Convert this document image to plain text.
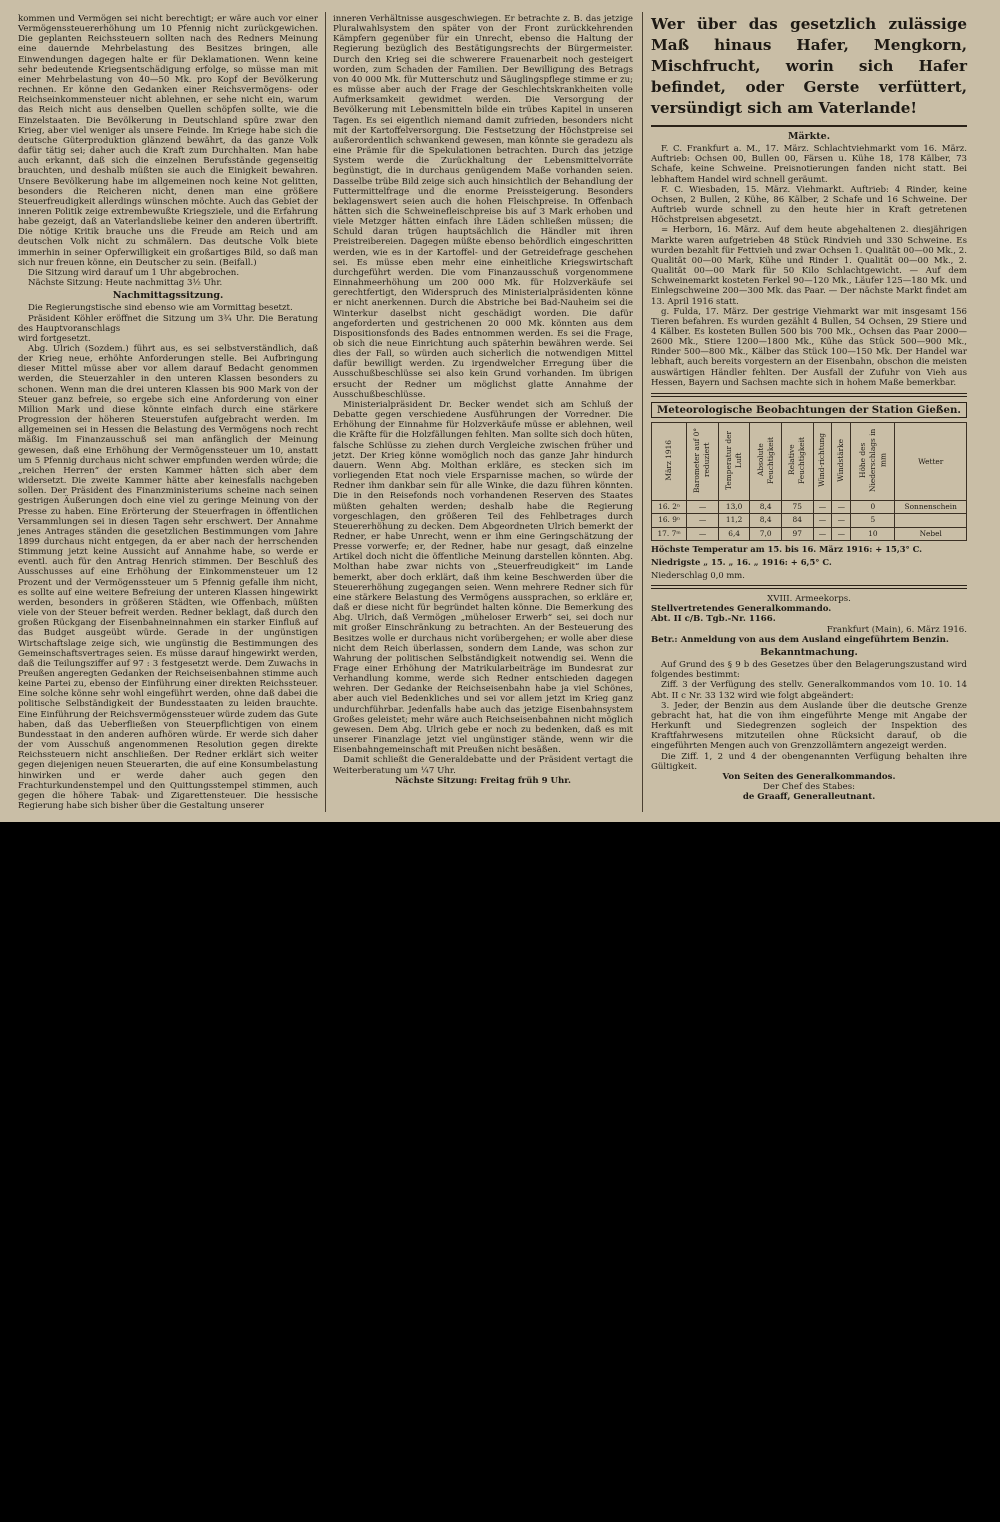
kommen und Vermögen sei nicht berechtigt; er wäre auch vor einer Vermögenssteuererhöhung um 10 Pfennig nicht zurückgewichen. Die geplanten Reichssteuern sollten nach des Redners Meinung eine dauernde Mehrbelastung des Besitzes bringen, alle Einwendungen dagegen halte er für Deklamationen. Wenn keine sehr bedeutende Kriegsentschädigung erfolge, so müsse man mit einer Mehrbelastung von 40—50 Mk. pro Kopf der Bevölkerung rechnen. Er könne den Gedanken einer Reichsvermögens- oder Reichseinkommensteuer nicht ablehnen, er sehe nicht ein, warum das Reich nicht aus denselben Quellen schöpfen sollte, wie die Einzelstaaten. Die Bevölkerung in Deutschland spüre zwar den Krieg, aber viel weniger als unsere Feinde. Im Kriege habe sich die deutsche Güterproduktion glänzend bewährt, da das ganze Volk dafür tätig sei; daher auch die Kraft zum Durchhalten. Man habe auch erkannt, daß sich die einzelnen Berufsstände gegenseitig brauchten, und deshalb müßten sie auch die Einigkeit bewahren. Unsere Bevölkerung habe im allgemeinen noch keine Not gelitten, besonders die Reicheren nicht, denen man eine größere Steuerfreudigkeit allerdings wünschen möchte. Auch das Gebiet der inneren Politik zeige extrembewußte Kriegsziele, und die Erfahrung habe gezeigt, daß an Vaterlandsliebe keiner den anderen übertrifft. Die nötige Kritik brauche uns die Freude am Reich und am deutschen Volk nicht zu schmälern. Das deutsche Volk biete immerhin in seiner Opferwilligkeit ein großartiges Bild, so daß man sich nur freuen könne, ein Deutscher zu sein. (Beifall.)

Die Sitzung wird darauf um 1 Uhr abgebrochen.

Nächste Sitzung: Heute nachmittag 3½ Uhr.

Nachmittagssitzung.

Die Regierungstische sind ebenso wie am Vormittag besetzt.

Präsident Köhler eröffnet die Sitzung um 3¾ Uhr. Die Beratung des Hauptvoranschlags

wird fortgesetzt.

Abg. Ulrich (Sozdem.) führt aus, es sei selbstverständlich, daß der Krieg neue, erhöhte Anforderungen stelle. Bei Aufbringung dieser Mittel müsse aber vor allem darauf Bedacht genommen werden, die Steuerzahler in den unteren Klassen besonders zu schonen. Wenn man die drei unteren Klassen bis 900 Mark von der Steuer ganz befreie, so ergebe sich eine Anforderung von einer Million Mark und diese könnte einfach durch eine stärkere Progression der höheren Steuerstufen aufgebracht werden. Im allgemeinen sei in Hessen die Belastung des Vermögens noch recht mäßig. Im Finanzausschuß sei man anfänglich der Meinung gewesen, daß eine Erhöhung der Vermögenssteuer um 10, anstatt um 5 Pfennig durchaus nicht schwer empfunden werden würde; die „reichen Herren“ der ersten Kammer hätten sich aber dem widersetzt. Die zweite Kammer hätte aber keinesfalls nachgeben sollen. Der Präsident des Finanzministeriums scheine nach seinen gestrigen Äußerungen doch eine viel zu geringe Meinung von der Presse zu haben. Eine Erörterung der Steuerfragen in öffentlichen Versammlungen sei in diesen Tagen sehr erschwert. Der Annahme jenes Antrages ständen die gesetzlichen Bestimmungen vom Jahre 1899 durchaus nicht entgegen, da er aber nach der herrschenden Stimmung jetzt keine Aussicht auf Annahme habe, so werde er eventl. auch für den Antrag Henrich stimmen. Der Beschluß des Ausschusses auf eine Erhöhung der Einkommensteuer um 12 Prozent und der Vermögenssteuer um 5 Pfennig gefalle ihm nicht, es sollte auf eine weitere Befreiung der unteren Klassen hingewirkt werden, besonders in größeren Städten, wie Offenbach, müßten viele von der Steuer befreit werden. Redner beklagt, daß durch den großen Rückgang der Eisenbahneinnahmen ein starker Einfluß auf das Budget ausgeübt würde. Gerade in der ungünstigen Wirtschaftslage zeige sich, wie ungünstig die Bestimmungen des Gemeinschaftsvertrages seien. Es müsse darauf hingewirkt werden, daß die Teilungsziffer auf 97 : 3 festgesetzt werde. Dem Zuwachs in Preußen angeregten Gedanken der Reichseisenbahnen stimme auch keine Partei zu, ebenso der Einführung einer direkten Reichssteuer. Eine solche könne sehr wohl eingeführt werden, ohne daß dabei die politische Selbständigkeit der Bundesstaaten zu leiden brauchte. Eine Einführung der Reichsvermögenssteuer würde zudem das Gute haben, daß das Ueberfließen von Steuerpflichtigen von einem Bundesstaat in den anderen aufhören würde. Er werde sich daher der vom Ausschuß angenommenen Resolution gegen direkte Reichssteuern nicht anschließen. Der Redner erklärt sich weiter gegen diejenigen neuen Steuerarten, die auf eine Konsumbelastung hinwirken und er werde daher auch gegen den Frachturkundenstempel und den Quittungsstempel stimmen, auch gegen die höhere Tabak- und Zigarettensteuer. Die hessische Regierung habe sich bisher über die Gestaltung unserer

inneren Verhältnisse ausgeschwiegen. Er betrachte z. B. das jetzige Pluralwahlsystem den später von der Front zurückkehrenden Kämpfern gegenüber für ein Unrecht, ebenso die Haltung der Regierung bezüglich des Bestätigungsrechts der Bürgermeister. Durch den Krieg sei die schwerere Frauenarbeit noch gesteigert worden, zum Schaden der Familien. Der Bewilligung des Betrags von 40 000 Mk. für Mutterschutz und Säuglingspflege stimme er zu; es müsse aber auch der Frage der Geschlechtskrankheiten volle Aufmerksamkeit gewidmet werden. Die Versorgung der Bevölkerung mit Lebensmitteln bilde ein trübes Kapitel in unseren Tagen. Es sei eigentlich niemand damit zufrieden, besonders nicht mit der Kartoffelversorgung. Die Festsetzung der Höchstpreise sei außerordentlich schwankend gewesen, man könnte sie geradezu als eine Prämie für die Spekulationen betrachten. Durch das jetzige System werde die Zurückhaltung der Lebensmittelvorräte begünstigt, die in durchaus genügendem Maße vorhanden seien. Dasselbe trübe Bild zeige sich auch hinsichtlich der Behandlung der Futtermittelfrage und die enorme Preissteigerung. Besonders beklagenswert seien auch die hohen Fleischpreise. In Offenbach hätten sich die Schweinefleischpreise bis auf 3 Mark erhoben und viele Metzger hätten einfach ihre Läden schließen müssen; die Schuld daran trügen hauptsächlich die Händler mit ihren Preistreibereien. Dagegen müßte ebenso behördlich eingeschritten werden, wie es in der Kartoffel- und der Getreidefrage geschehen sei. Es müsse eben mehr eine einheitliche Kriegswirtschaft durchgeführt werden. Die vom Finanzausschuß vorgenommene Einnahmeerhöhung um 200 000 Mk. für Holzverkäufe sei gerechtfertigt, den Widerspruch des Ministerialpräsidenten könne er nicht anerkennen. Durch die Abstriche bei Bad-Nauheim sei die Winterkur daselbst nicht geschädigt worden. Die dafür angeforderten und gestrichenen 20 000 Mk. könnten aus dem Dispositionsfonds des Bades entnommen werden. Es sei die Frage, ob sich die neue Einrichtung auch späterhin bewähren werde. Sei dies der Fall, so würden auch sicherlich die notwendigen Mittel dafür bewilligt werden. Zu irgendwelcher Erregung über die Ausschußbeschlüsse sei also kein Grund vorhanden. Im übrigen ersucht der Redner um möglichst glatte Annahme der Ausschußbeschlüsse.

Ministerialpräsident Dr. Becker wendet sich am Schluß der Debatte gegen verschiedene Ausführungen der Vorredner. Die Erhöhung der Einnahme für Holzverkäufe müsse er ablehnen, weil die Kräfte für die Holzfällungen fehlten. Man sollte sich doch hüten, falsche Schlüsse zu ziehen durch Vergleiche zwischen früher und jetzt. Der Krieg könne womöglich noch das ganze Jahr hindurch dauern. Wenn Abg. Molthan erkläre, es stecken sich im vorliegenden Etat noch viele Ersparnisse machen, so würde der Redner ihm dankbar sein für alle Winke, die dazu führen könnten. Die in den Reisefonds noch vorhandenen Reserven des Staates müßten gehalten werden; deshalb habe die Regierung vorgeschlagen, den größeren Teil des Fehlbetrages durch Steuererhöhung zu decken. Dem Abgeordneten Ulrich bemerkt der Redner, er habe Unrecht, wenn er ihm eine Geringschätzung der Presse vorwerfe; er, der Redner, habe nur gesagt, daß einzelne Artikel doch nicht die öffentliche Meinung darstellen könnten. Abg. Molthan habe zwar nichts von „Steuerfreudigkeit“ im Lande bemerkt, aber doch erklärt, daß ihm keine Beschwerden über die Steuererhöhung zugegangen seien. Wenn mehrere Redner sich für eine stärkere Belastung des Vermögens aussprachen, so erkläre er, daß er diese nicht für begründet halten könne. Die Bemerkung des Abg. Ulrich, daß Vermögen „müheloser Erwerb“ sei, sei doch nur mit großer Einschränkung zu betrachten. An der Besteuerung des Besitzes wolle er durchaus nicht vorübergehen; er wolle aber diese nicht dem Reich überlassen, sondern dem Lande, was schon zur Wahrung der politischen Selbständigkeit notwendig sei. Wenn die Frage einer Erhöhung der Matrikularbeiträge im Bundesrat zur Verhandlung komme, werde sich Redner entschieden dagegen wehren. Der Gedanke der Reichseisenbahn habe ja viel Schönes, aber auch viel Bedenkliches und sei vor allem jetzt im Krieg ganz undurchführbar. Jedenfalls habe auch das jetzige Eisenbahnsystem Großes geleistet; mehr wäre auch Reichseisenbahnen nicht möglich gewesen. Dem Abg. Ulrich gebe er noch zu bedenken, daß es mit unserer Finanzlage jetzt viel ungünstiger stände, wenn wir die Eisenbahngemeinschaft mit Preußen nicht besäßen.

Damit schließt die Generaldebatte und der Präsident vertagt die Weiterberatung um ¼7 Uhr.

Nächste Sitzung: Freitag früh 9 Uhr.

Wer über das gesetzlich zulässige Maß hinaus Hafer, Mengkorn, Mischfrucht, worin sich Hafer befindet, oder Gerste verfüttert, versündigt sich am Vaterlande!
Märkte.

F. C. Frankfurt a. M., 17. März. Schlachtviehmarkt vom 16. März. Auftrieb: Ochsen 00, Bullen 00, Färsen u. Kühe 18, 178 Kälber, 73 Schafe, keine Schweine. Preisnotierungen fanden nicht statt. Bei lebhaftem Handel wird schnell geräumt.

F. C. Wiesbaden, 15. März. Viehmarkt. Auftrieb: 4 Rinder, keine Ochsen, 2 Bullen, 2 Kühe, 86 Kälber, 2 Schafe und 16 Schweine. Der Auftrieb wurde schnell zu den heute hier in Kraft getretenen Höchstpreisen abgesetzt.

= Herborn, 16. März. Auf dem heute abgehaltenen 2. diesjährigen Markte waren aufgetrieben 48 Stück Rindvieh und 330 Schweine. Es wurden bezahlt für Fettvieh und zwar Ochsen 1. Qualität 00—00 Mk., 2. Qualität 00—00 Mark, Kühe und Rinder 1. Qualität 00—00 Mk., 2. Qualität 00—00 Mark für 50 Kilo Schlachtgewicht. — Auf dem Schweinemarkt kosteten Ferkel 90—120 Mk., Läufer 125—180 Mk. und Einlegschweine 200—300 Mk. das Paar. — Der nächste Markt findet am 13. April 1916 statt.

g. Fulda, 17. März. Der gestrige Viehmarkt war mit insgesamt 156 Tieren befahren. Es wurden gezählt 4 Bullen, 54 Ochsen, 29 Stiere und 4 Kälber. Es kosteten Bullen 500 bis 700 Mk., Ochsen das Paar 2000—2600 Mk., Stiere 1200—1800 Mk., Kühe das Stück 500—900 Mk., Rinder 500—800 Mk., Kälber das Stück 100—150 Mk. Der Handel war lebhaft, auch bereits vorgestern an der Eisenbahn, obschon die meisten auswärtigen Händler fehlten. Der Ausfall der Zufuhr von Vieh aus Hessen, Bayern und Sachsen machte sich in hohem Maße bemerkbar.

Meteorologische Beobachtungen der Station Gießen.
März 1916	Barometer auf 0° reduziert	Temperatur der Luft	Absolute Feuchtigkeit	Relative Feuchtigkeit	Wind-richtung	Windstärke	Höhe des Niederschlags in mm	Wetter
16. 2ⁿ	—	13,0	8,4	75	—	—	0	Sonnenschein
16. 9ⁿ	—	11,2	8,4	84	—	—	5	
17. 7ᵐ	—	6,4	7,0	97	—	—	10	Nebel
Höchste Temperatur am 15. bis 16. März 1916: + 15,3° C.
Niedrigste „ 15. „ 16. „ 1916: + 6,5° C.
Niederschlag 0,0 mm.
XVIII. Armeekorps.
Stellvertretendes Generalkommando.
Abt. II c/B. Tgb.-Nr. 1166.
Frankfurt (Main), 6. März 1916.
Betr.: Anmeldung von aus dem Ausland eingeführtem Benzin.
Bekanntmachung.

Auf Grund des § 9 b des Gesetzes über den Belagerungszustand wird folgendes bestimmt:

Ziff. 3 der Verfügung des stellv. Generalkommandos vom 10. 10. 14 Abt. II c Nr. 33 132 wird wie folgt abgeändert:

3. Jeder, der Benzin aus dem Auslande über die deutsche Grenze gebracht hat, hat die von ihm eingeführte Menge mit Angabe der Herkunft und Siedegrenzen sogleich der Inspektion des Kraftfahrwesens mitzuteilen ohne Rücksicht darauf, ob die eingeführten Mengen auch von Grenzzollämtern angezeigt werden.

Die Ziff. 1, 2 und 4 der obengenannten Verfügung behalten ihre Gültigkeit.

Von Seiten des Generalkommandos.
Der Chef des Stabes:
de Graaff, Generalleutnant.
